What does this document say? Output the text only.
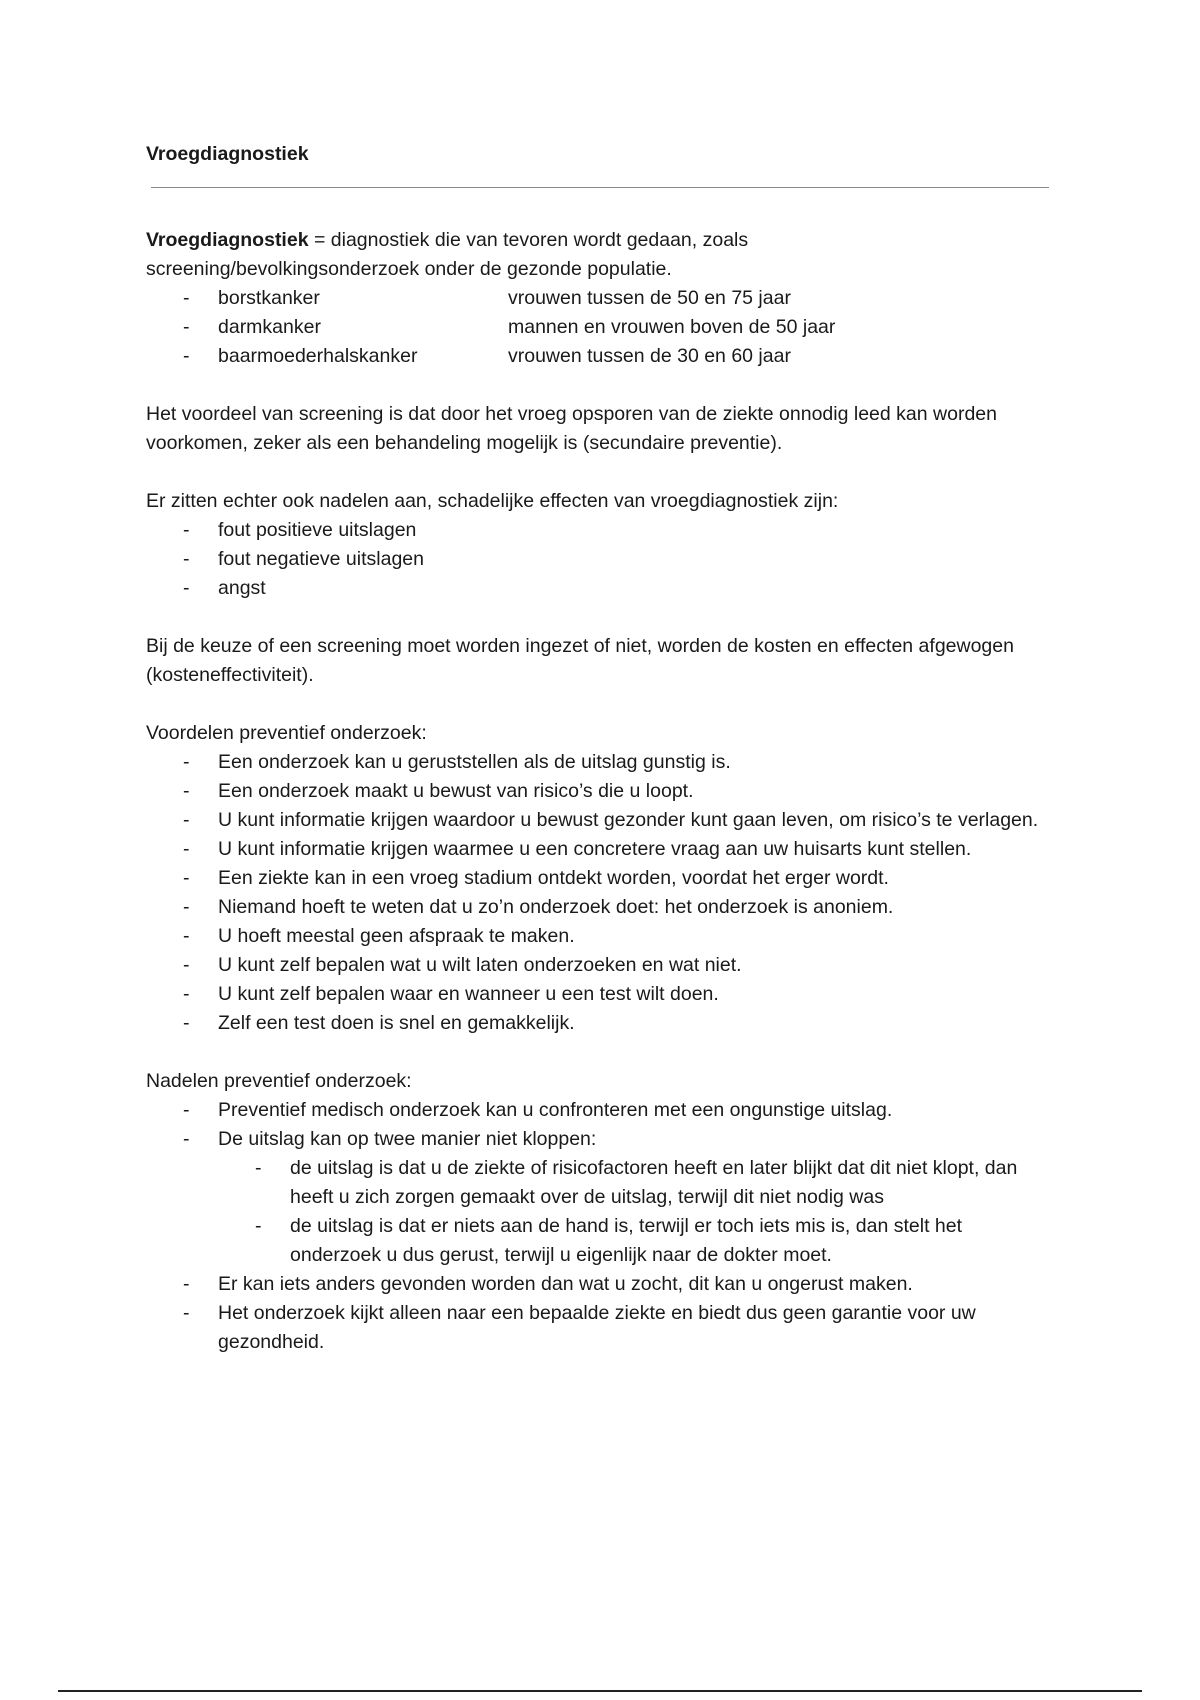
Vroegdiagnostiek

Vroegdiagnostiek = diagnostiek die van tevoren wordt gedaan, zoals
screening/bevolkingsonderzoek onder de gezonde populatie.

- borstkanker	vrouwen tussen de 50 en 75 jaar
- darmkanker	mannen en vrouwen boven de 50 jaar
- baarmoederhalskanker	vrouwen tussen de 30 en 60 jaar

Het voordeel van screening is dat door het vroeg opsporen van de ziekte onnodig leed kan worden voorkomen, zeker als een behandeling mogelijk is (secundaire preventie).

Er zitten echter ook nadelen aan, schadelijke effecten van vroegdiagnostiek zijn:

- fout positieve uitslagen
- fout negatieve uitslagen
- angst

Bij de keuze of een screening moet worden ingezet of niet, worden de kosten en effecten afgewogen (kosteneffectiviteit).

Voordelen preventief onderzoek:

- Een onderzoek kan u geruststellen als de uitslag gunstig is.
- Een onderzoek maakt u bewust van risico’s die u loopt.
- U kunt informatie krijgen waardoor u bewust gezonder kunt gaan leven, om risico’s te verlagen.
- U kunt informatie krijgen waarmee u een concretere vraag aan uw huisarts kunt stellen.
- Een ziekte kan in een vroeg stadium ontdekt worden, voordat het erger wordt.
- Niemand hoeft te weten dat u zo’n onderzoek doet: het onderzoek is anoniem.
- U hoeft meestal geen afspraak te maken.
- U kunt zelf bepalen wat u wilt laten onderzoeken en wat niet.
- U kunt zelf bepalen waar en wanneer u een test wilt doen.
- Zelf een test doen is snel en gemakkelijk.

Nadelen preventief onderzoek:

- Preventief medisch onderzoek kan u confronteren met een ongunstige uitslag.
- De uitslag kan op twee manier niet kloppen:
- de uitslag is dat u de ziekte of risicofactoren heeft en later blijkt dat dit niet klopt, dan heeft u zich zorgen gemaakt over de uitslag, terwijl dit niet nodig was
- de uitslag is dat er niets aan de hand is, terwijl er toch iets mis is, dan stelt het onderzoek u dus gerust, terwijl u eigenlijk naar de dokter moet.
- Er kan iets anders gevonden worden dan wat u zocht, dit kan u ongerust maken.
- Het onderzoek kijkt alleen naar een bepaalde ziekte en biedt dus geen garantie voor uw gezondheid.
